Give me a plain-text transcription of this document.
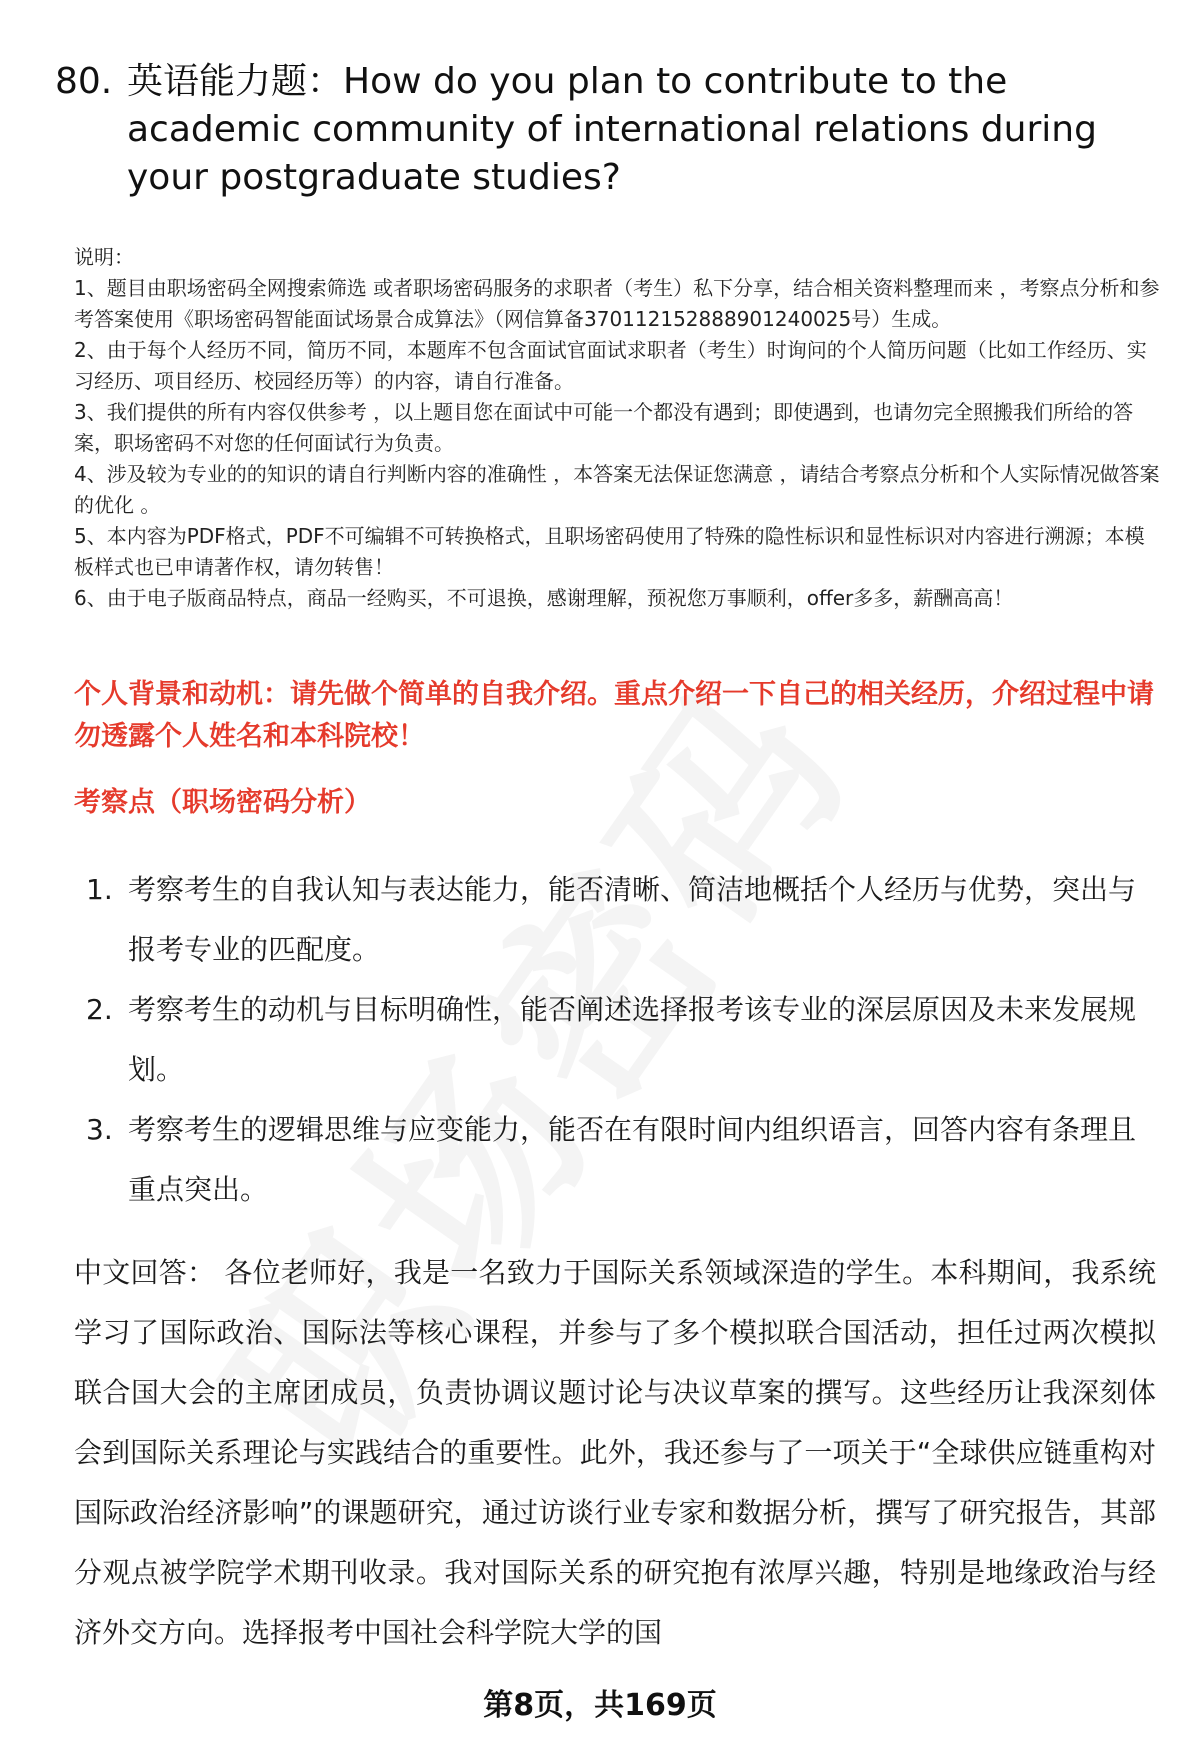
80. 英语能力题：How do you plan to contribute to the academic community of international relations during your postgraduate studies?

说明：

1、题目由职场密码全网搜索筛选 或者职场密码服务的求职者（考生）私下分享，结合相关资料整理而来 ，考察点分析和参考答案使用《职场密码智能面试场景合成算法》（网信算备370112152888901240025号）生成。

2、由于每个人经历不同，简历不同，本题库不包含面试官面试求职者（考生）时询问的个人简历问题（比如工作经历、实习经历、项目经历、校园经历等）的内容，请自行准备。

3、我们提供的所有内容仅供参考 ，以上题目您在面试中可能一个都没有遇到；即使遇到，也请勿完全照搬我们所给的答案，职场密码不对您的任何面试行为负责。

4、涉及较为专业的的知识的请自行判断内容的准确性 ，本答案无法保证您满意 ，请结合考察点分析和个人实际情况做答案的优化 。

5、本内容为PDF格式，PDF不可编辑不可转换格式，且职场密码使用了特殊的隐性标识和显性标识对内容进行溯源；本模板样式也已申请著作权，请勿转售！

6、由于电子版商品特点，商品一经购买，不可退换，感谢理解，预祝您万事顺利，offer多多，薪酬高高！

个人背景和动机：请先做个简单的自我介绍。重点介绍一下自己的相关经历，介绍过程中请勿透露个人姓名和本科院校！
考察点（职场密码分析）
1. 考察考生的自我认知与表达能力，能否清晰、简洁地概括个人经历与优势，突出与报考专业的匹配度。
2. 考察考生的动机与目标明确性，能否阐述选择报考该专业的深层原因及未来发展规划。
3. 考察考生的逻辑思维与应变能力，能否在有限时间内组织语言，回答内容有条理且重点突出。

中文回答： 各位老师好，我是一名致力于国际关系领域深造的学生。本科期间，我系统学习了国际政治、国际法等核心课程，并参与了多个模拟联合国活动，担任过两次模拟联合国大会的主席团成员，负责协调议题讨论与决议草案的撰写。这些经历让我深刻体会到国际关系理论与实践结合的重要性。此外，我还参与了一项关于“全球供应链重构对国际政治经济影响”的课题研究，通过访谈行业专家和数据分析，撰写了研究报告，其部分观点被学院学术期刊收录。我对国际关系的研究抱有浓厚兴趣，特别是地缘政治与经济外交方向。选择报考中国社会科学院大学的国

第8页，共169页
